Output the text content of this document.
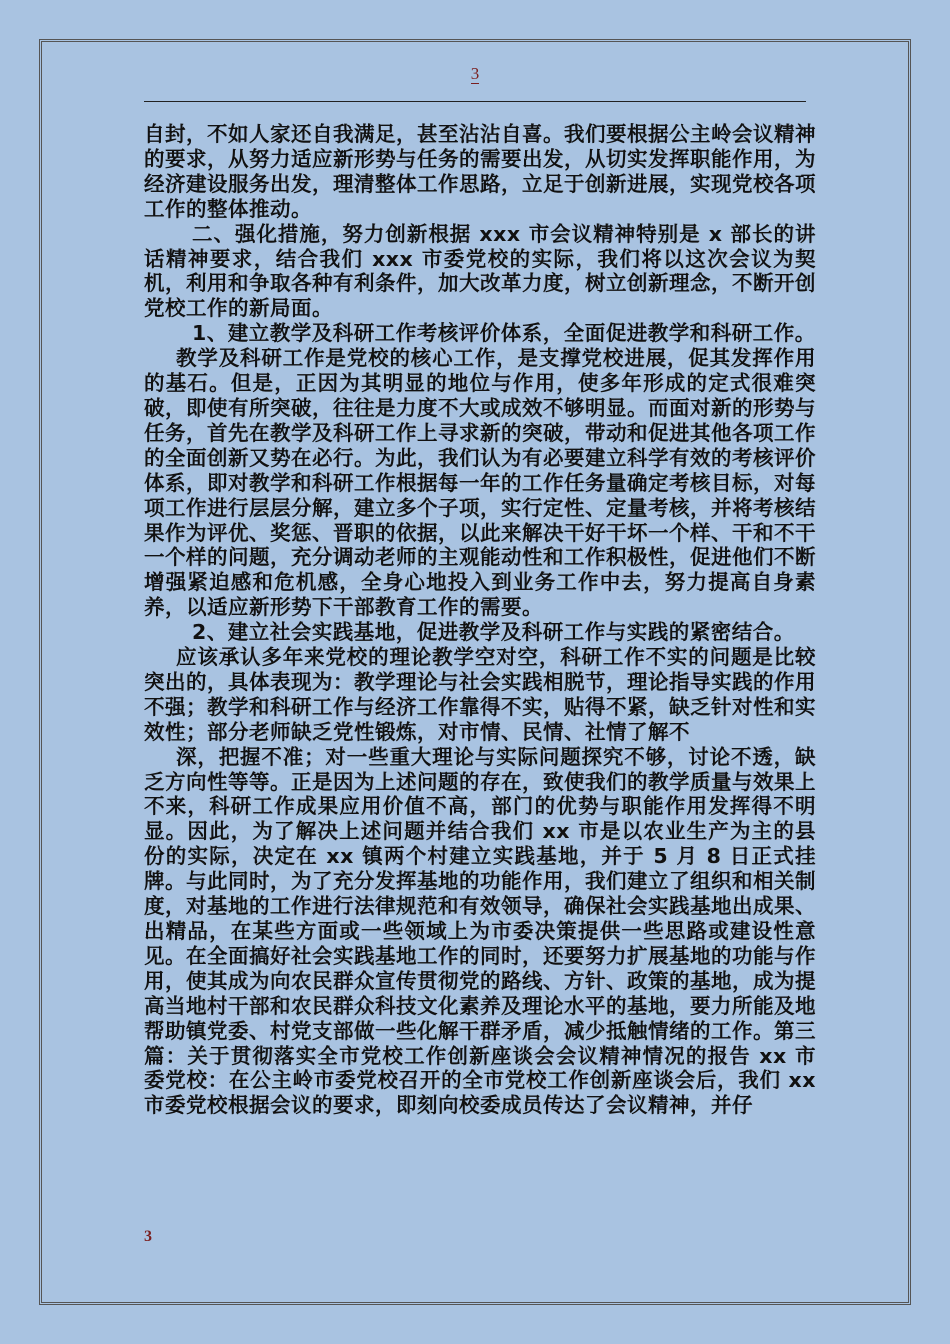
3

自封，不如人家还自我满足，甚至沾沾自喜。我们要根据公主岭会议精神的要求，从努力适应新形势与任务的需要出发，从切实发挥职能作用，为经济建设服务出发，理清整体工作思路，立足于创新进展，实现党校各项工作的整体推动。

二、强化措施，努力创新根据 xxx 市会议精神特别是 x 部长的讲话精神要求，结合我们 xxx 市委党校的实际，我们将以这次会议为契机，利用和争取各种有利条件，加大改革力度，树立创新理念，不断开创党校工作的新局面。

1、建立教学及科研工作考核评价体系，全面促进教学和科研工作。

教学及科研工作是党校的核心工作，是支撑党校进展，促其发挥作用的基石。但是，正因为其明显的地位与作用，使多年形成的定式很难突破，即使有所突破，往往是力度不大或成效不够明显。而面对新的形势与任务，首先在教学及科研工作上寻求新的突破，带动和促进其他各项工作的全面创新又势在必行。为此，我们认为有必要建立科学有效的考核评价体系，即对教学和科研工作根据每一年的工作任务量确定考核目标，对每项工作进行层层分解，建立多个子项，实行定性、定量考核，并将考核结果作为评优、奖惩、晋职的依据，以此来解决干好干坏一个样、干和不干一个样的问题，充分调动老师的主观能动性和工作积极性，促进他们不断增强紧迫感和危机感，全身心地投入到业务工作中去，努力提高自身素养，以适应新形势下干部教育工作的需要。

2、建立社会实践基地，促进教学及科研工作与实践的紧密结合。

应该承认多年来党校的理论教学空对空，科研工作不实的问题是比较突出的，具体表现为：教学理论与社会实践相脱节，理论指导实践的作用不强；教学和科研工作与经济工作靠得不实，贴得不紧，缺乏针对性和实效性；部分老师缺乏党性锻炼，对市情、民情、社情了解不

深，把握不准；对一些重大理论与实际问题探究不够，讨论不透，缺乏方向性等等。正是因为上述问题的存在，致使我们的教学质量与效果上不来，科研工作成果应用价值不高，部门的优势与职能作用发挥得不明显。因此，为了解决上述问题并结合我们 xx 市是以农业生产为主的县份的实际，决定在 xx 镇两个村建立实践基地，并于 5 月 8 日正式挂牌。与此同时，为了充分发挥基地的功能作用，我们建立了组织和相关制度，对基地的工作进行法律规范和有效领导，确保社会实践基地出成果、出精品，在某些方面或一些领域上为市委决策提供一些思路或建设性意见。在全面搞好社会实践基地工作的同时，还要努力扩展基地的功能与作用，使其成为向农民群众宣传贯彻党的路线、方针、政策的基地，成为提高当地村干部和农民群众科技文化素养及理论水平的基地，要力所能及地帮助镇党委、村党支部做一些化解干群矛盾，减少抵触情绪的工作。第三篇：关于贯彻落实全市党校工作创新座谈会会议精神情况的报告 xx 市委党校：在公主岭市委党校召开的全市党校工作创新座谈会后，我们 xx 市委党校根据会议的要求，即刻向校委成员传达了会议精神，并仔

3
